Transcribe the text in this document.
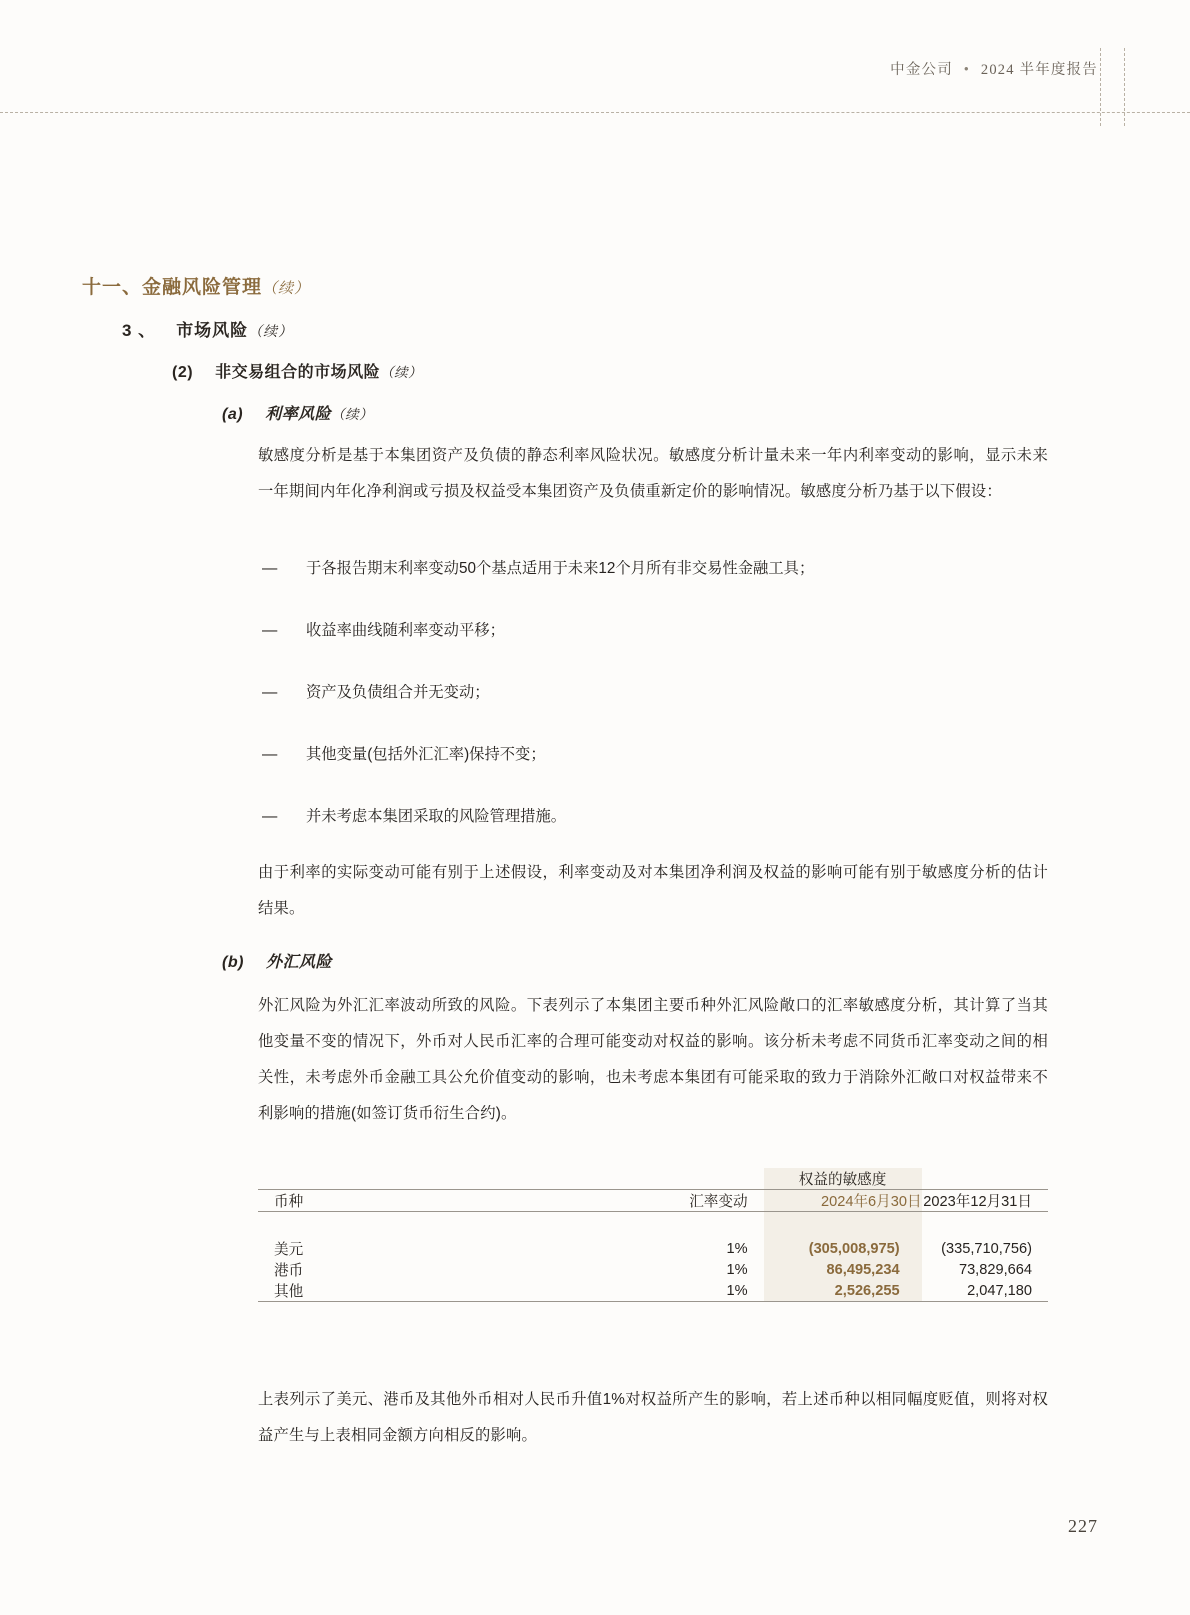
中金公司 • 2024 半年度报告
十一、金融风险管理（续）
3 、 市场风险（续）
(2) 非交易组合的市场风险（续）
(a) 利率风险（续）
敏感度分析是基于本集团资产及负债的静态利率风险状况。敏感度分析计量未来一年内利率变动的影响，显示未来一年期间内年化净利润或亏损及权益受本集团资产及负债重新定价的影响情况。敏感度分析乃基于以下假设：
—	于各报告期末利率变动50个基点适用于未来12个月所有非交易性金融工具；
—	收益率曲线随利率变动平移；
—	资产及负债组合并无变动；
—	其他变量(包括外汇汇率)保持不变；
—	并未考虑本集团采取的风险管理措施。
由于利率的实际变动可能有别于上述假设，利率变动及对本集团净利润及权益的影响可能有别于敏感度分析的估计结果。
(b) 外汇风险
外汇风险为外汇汇率波动所致的风险。下表列示了本集团主要币种外汇风险敞口的汇率敏感度分析，其计算了当其他变量不变的情况下，外币对人民币汇率的合理可能变动对权益的影响。该分析未考虑不同货币汇率变动之间的相关性，未考虑外币金融工具公允价值变动的影响，也未考虑本集团有可能采取的致力于消除外汇敞口对权益带来不利影响的措施(如签订货币衍生合约)。
		权益的敏感度	
币种	汇率变动	2024年6月30日	2023年12月31日

美元	1%	(305,008,975)	(335,710,756)
港币	1%	86,495,234	73,829,664
其他	1%	2,526,255	2,047,180
上表列示了美元、港币及其他外币相对人民币升值1%对权益所产生的影响，若上述币种以相同幅度贬值，则将对权益产生与上表相同金额方向相反的影响。
227
